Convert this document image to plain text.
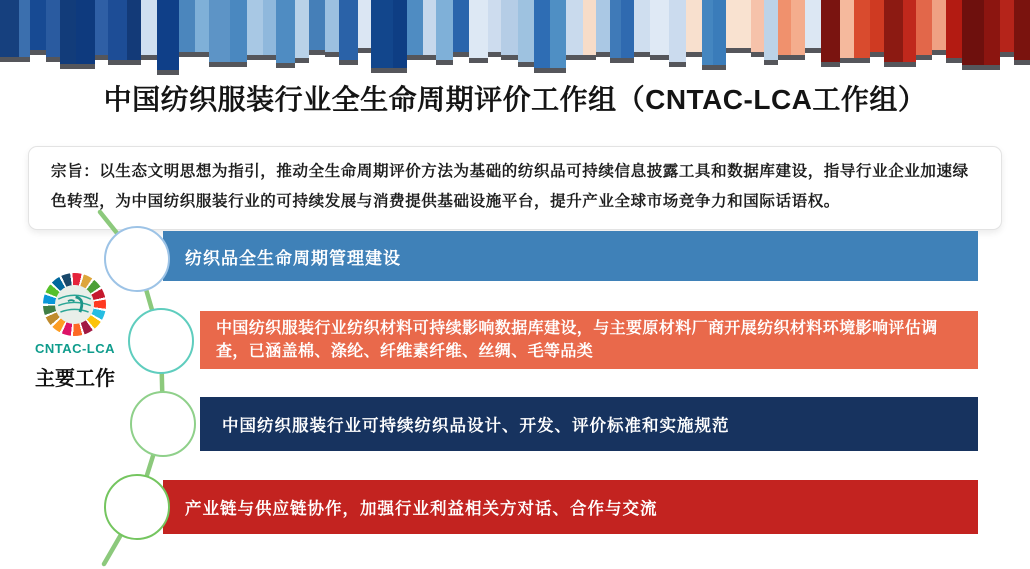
中国纺织服装行业全生命周期评价工作组（CNTAC-LCA工作组）

宗旨：以生态文明思想为指引，推动全生命周期评价方法为基础的纺织品可持续信息披露工具和数据库建设，指导行业企业加速绿色转型，为中国纺织服装行业的可持续发展与消费提供基础设施平台，提升产业全球市场竞争力和国际话语权。

纺织品全生命周期管理建设
中国纺织服装行业纺织材料可持续影响数据库建设，与主要原材料厂商开展纺织材料环境影响评估调查，已涵盖棉、涤纶、纤维素纤维、丝绸、毛等品类
中国纺织服装行业可持续纺织品设计、开发、评价标准和实施规范
产业链与供应链协作，加强行业利益相关方对话、合作与交流

CNTAC-LCA

主要工作
